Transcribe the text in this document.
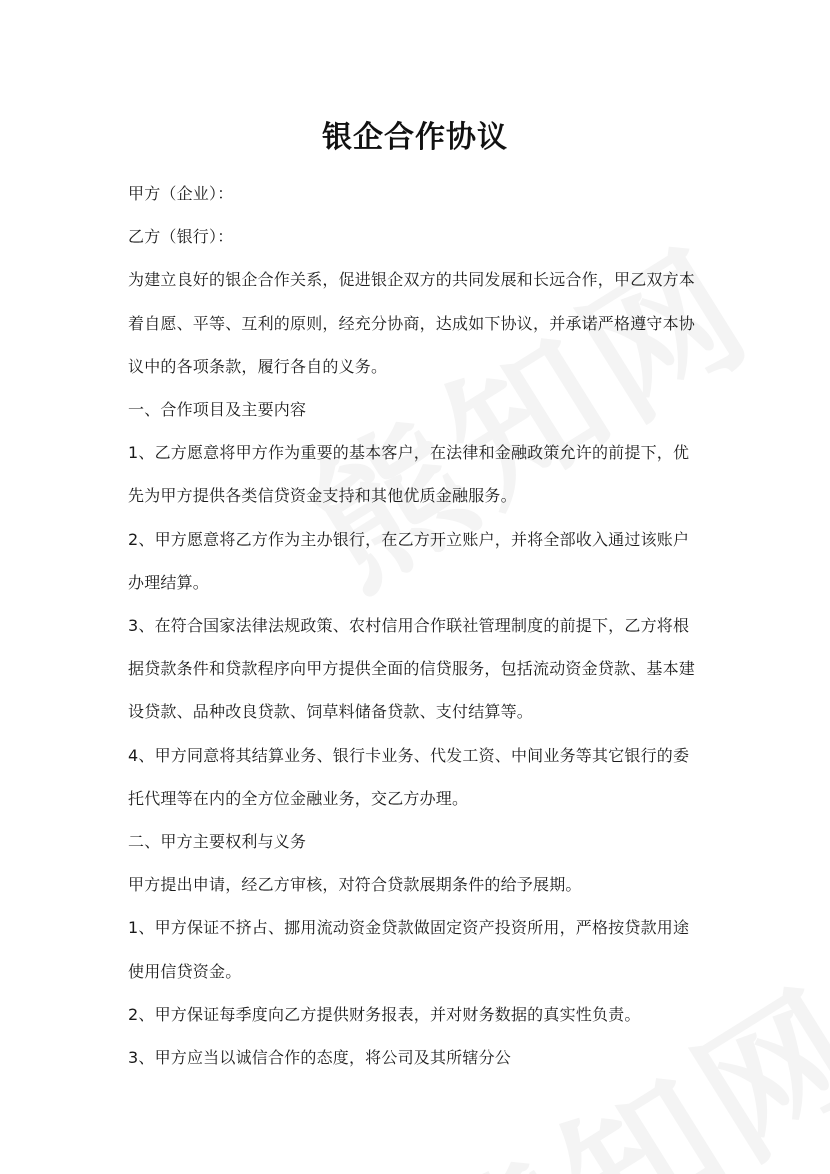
银企合作协议
甲方（企业）：
乙方（银行）：
为建立良好的银企合作关系，促进银企双方的共同发展和长远合作，甲乙双方本
着自愿、平等、互利的原则，经充分协商，达成如下协议，并承诺严格遵守本协
议中的各项条款，履行各自的义务。
一、合作项目及主要内容
1、乙方愿意将甲方作为重要的基本客户，在法律和金融政策允许的前提下，优
先为甲方提供各类信贷资金支持和其他优质金融服务。
2、甲方愿意将乙方作为主办银行，在乙方开立账户，并将全部收入通过该账户
办理结算。
3、在符合国家法律法规政策、农村信用合作联社管理制度的前提下，乙方将根
据贷款条件和贷款程序向甲方提供全面的信贷服务，包括流动资金贷款、基本建
设贷款、品种改良贷款、饲草料储备贷款、支付结算等。
4、甲方同意将其结算业务、银行卡业务、代发工资、中间业务等其它银行的委
托代理等在内的全方位金融业务，交乙方办理。
二、甲方主要权利与义务
甲方提出申请，经乙方审核，对符合贷款展期条件的给予展期。
1、甲方保证不挤占、挪用流动资金贷款做固定资产投资所用，严格按贷款用途
使用信贷资金。
2、甲方保证每季度向乙方提供财务报表，并对财务数据的真实性负责。
3、甲方应当以诚信合作的态度，将公司及其所辖分公
